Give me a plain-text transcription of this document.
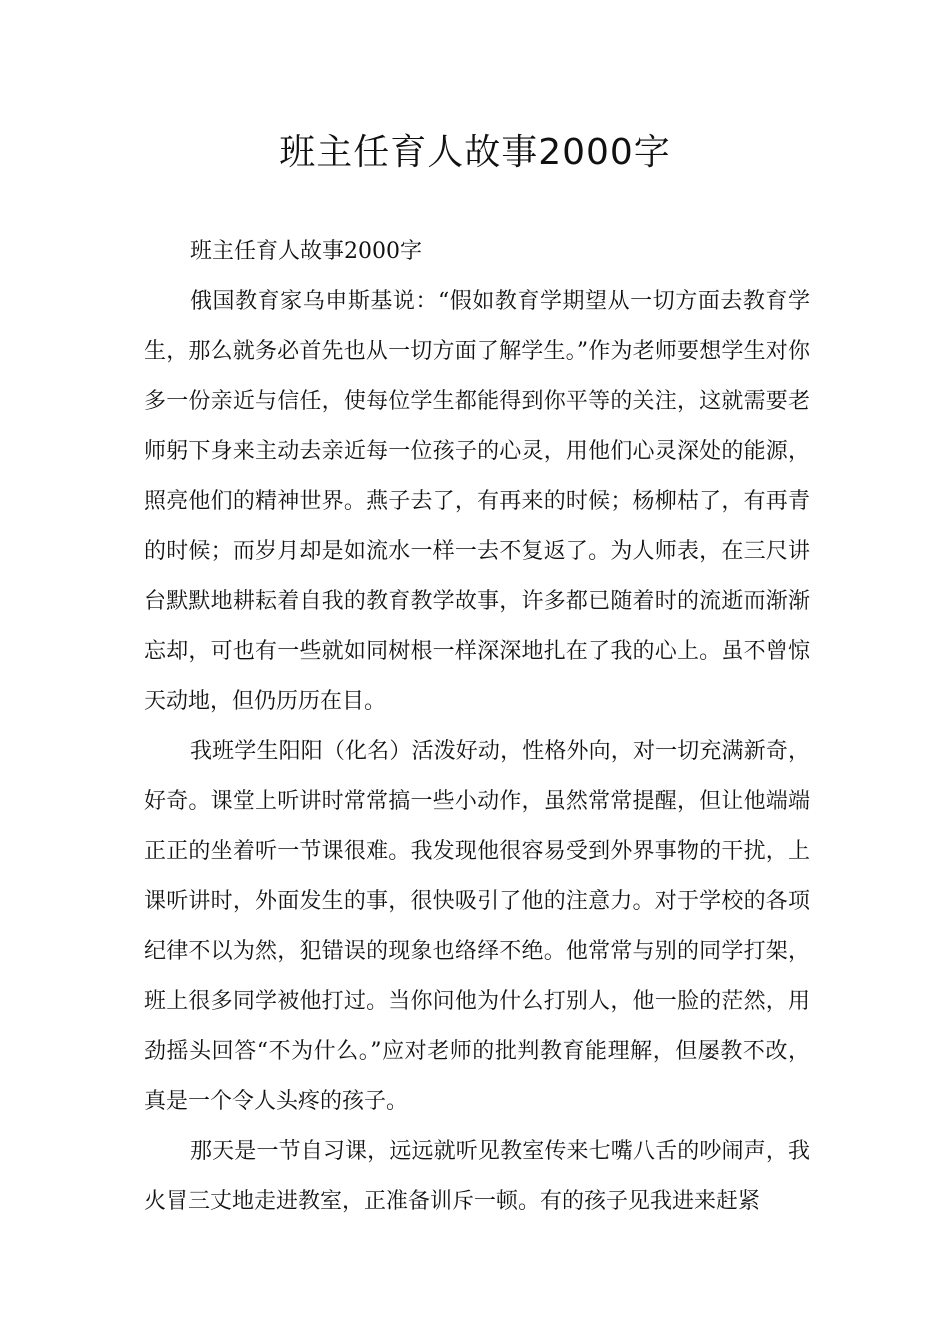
班主任育人故事2000字

班主任育人故事2000字

俄国教育家乌申斯基说：“假如教育学期望从一切方面去教育学生，那么就务必首先也从一切方面了解学生。”作为老师要想学生对你多一份亲近与信任，使每位学生都能得到你平等的关注，这就需要老师躬下身来主动去亲近每一位孩子的心灵，用他们心灵深处的能源，照亮他们的精神世界。燕子去了，有再来的时候；杨柳枯了，有再青的时候；而岁月却是如流水一样一去不复返了。为人师表，在三尺讲台默默地耕耘着自我的教育教学故事，许多都已随着时的流逝而渐渐忘却，可也有一些就如同树根一样深深地扎在了我的心上。虽不曾惊天动地，但仍历历在目。

我班学生阳阳（化名）活泼好动，性格外向，对一切充满新奇，好奇。课堂上听讲时常常搞一些小动作，虽然常常提醒，但让他端端正正的坐着听一节课很难。我发现他很容易受到外界事物的干扰，上课听讲时，外面发生的事，很快吸引了他的注意力。对于学校的各项纪律不以为然，犯错误的现象也络绎不绝。他常常与别的同学打架，班上很多同学被他打过。当你问他为什么打别人，他一脸的茫然，用劲摇头回答“不为什么。”应对老师的批判教育能理解，但屡教不改，真是一个令人头疼的孩子。

那天是一节自习课，远远就听见教室传来七嘴八舌的吵闹声，我火冒三丈地走进教室，正准备训斥一顿。有的孩子见我进来赶紧
